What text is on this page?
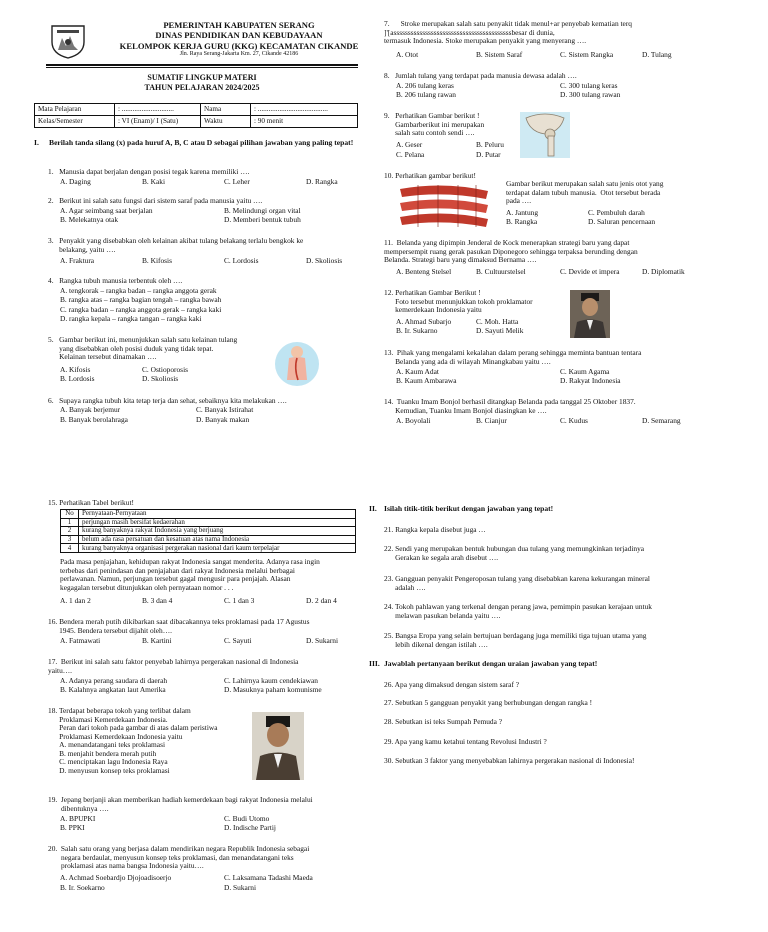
PEMERINTAH KABUPATEN SERANG
DINAS PENDIDIKAN DAN KEBUDAYAAN
KELOMPOK KERJA GURU (KKG) KECAMATAN CIKANDE
Jln. Raya Serang-Jakarta Km. 27, Cikande 42186
SUMATIF LINGKUP MATERI
TAHUN PELAJARAN 2024/2025
Mata Pelajaran	: .............................	Nama	: .......................................
Kelas/Semester	: VI (Enam)/ I (Satu)	Waktu	: 90 menit
I. Berilah tanda silang (x) pada huruf A, B, C atau D sebagai pilihan jawaban yang paling tepat!

1.   Manusia dapat berjalan dengan posisi tegak karena memiliki ….

A. Daging	B. Kaki	C. Leher	D. Rangka

2.   Berikut ini salah satu fungsi dari sistem saraf pada manusia yaitu ….

A. Agar seimbang saat berjalan
B. Melekatnya otak
B. Melindungi organ vital
D. Memberi bentuk tubuh

3.   Penyakit yang disebabkan oleh kelainan akibat tulang belakang terlalu bengkok ke
belakang, yaitu ….

A. Fraktura	B. Kifosis	C. Lordosis	D. Skoliosis

4.   Rangka tubuh manusia terbentuk oleh ….

A. tengkorak – rangka badan – rangka anggota gerak
B. rangka atas – rangka bagian tengah – rangka bawah
C. rangka badan – rangka anggota gerak – rangka kaki
D. rangka kepala – rangka tangan – rangka kaki

5.   Gambar berikut ini, menunjukkan salah satu kelainan tulang
yang disebabkan oleh posisi duduk yang tidak tepat.
Kelainan tersebut dinamakan ….

A. Kifosis
B. Lordosis
C. Ostioporosis
D. Skoliosis

6.   Supaya rangka tubuh kita tetap terja dan sehat, sebaiknya kita melakukan ….

A. Banyak berjemur
B. Banyak berolahraga
C. Banyak Istirahat
D. Banyak makan

7.      Stroke merupakan salah satu penyakit tidak menul+ar penyebab kematian terq
]'[asssssssssssssssssssssssssssssssssssssssssbesar di dunia,
termasuk Indonesia. Stoke merupakan penyakit yang menyerang ….

A. Otot	B. Sistem Saraf	C. Sistem Rangka	D. Tulang

8.   Jumlah tulang yang terdapat pada manusia dewasa adalah ….

A. 206 tulang keras
B. 206 tulang rawan
C. 300 tulang keras
D. 300 tulang rawan

9.   Perhatikan Gambar berikut !
Gambarberikut ini merupakan
salah satu contoh sendi ….

A. Geser
C. Pelana
B. Peluru
D. Putar

10. Perhatikan gambar berikut!

Gambar berikut merupakan salah satu jenis otot yang
terdapat dalam tubuh manusia.  Otot tersebut berada
pada ….

A. Jantung
B. Rangka
C. Pembuluh darah
D. Saluran pencernaan

11.  Belanda yang dipimpin Jenderal de Kock menerapkan strategi baru yang dapat
mempersempit ruang gerak pasukan Diponegoro sehingga terpaksa berunding dengan
Belanda. Strategi baru yang dimaksud Bernama ….

A. Benteng Stelsel	B. Cultuurstelsel	C. Devide et impera	D. Diplomatik

12. Perhatikan Gambar Berikut !
Foto tersebut menunjukkan tokoh proklamator
kemerdekaan Indonesia yaitu

A. Ahmad Subarjo
B. Ir. Sukarno
C. Moh. Hatta
D. Sayuti Melik

13.  Pihak yang mengalami kekalahan dalam perang sehingga meminta bantuan tentara
Belanda yang ada di wilayah Minangkabau yaitu ….

A. Kaum Adat
B. Kaum Ambarawa
C. Kaum Agama
D. Rakyat Indonesia

14.  Tuanku Imam Bonjol berhasil ditangkap Belanda pada tanggal 25 Oktober 1837.
Kemudian, Tuanku Imam Bonjol diasingkan ke ….

A. Boyolali	B. Cianjur	C. Kudus	D. Semarang

15. Perhatikan Tabel berikut!

No	Pernyataan-Pernyataan
1	perjungan masih bersifat kedaerahan
2	kurang banyaknya rakyat Indonesia yang berjuang
3	belum ada rasa persatuan dan kesatuan atas nama Indonesia
4	kurang banyaknya organisasi pergerakan nasional dari kaum terpelajar

Pada masa penjajahan, kehidupan rakyat Indonesia sangat menderita. Adanya rasa ingin
terbebas dari penindasan dan penjajahan dari rakyat Indonesia melalui berbagai
perlawanan. Namun, perjungan tersebut gagal mengusir para penjajah. Alasan
kegagalan tersebut ditunjukkan oleh pernyataan nomor . . .

A. 1 dan 2	B. 3 dan 4	C. 1 dan 3	D. 2 dan 4

16. Bendera merah putih dikibarkan saat dibacakannya teks proklamasi pada 17 Agustus
1945. Bendera tersebut dijahit oleh….

A. Fatmawati	B. Kartini	C. Sayuti	D. Sukarni

17.  Berikut ini salah satu faktor penyebab lahirnya pergerakan nasional di Indonesia
yaitu….

A. Adanya perang saudara di daerah
B. Kalahnya angkatan laut Amerika
C. Lahirnya kaum cendekiawan
D. Masuknya paham komunisme

18. Terdapat beberapa tokoh yang terlibat dalam
Proklamasi Kemerdekaan Indonesia.
Peran dari tokoh pada gambar di atas dalam peristiwa
Proklamasi Kemerdekaan Indonesia yaitu
A. menandatangani teks proklamasi
B. menjahit bendera merah putih
C. menciptakan lagu Indonesia Raya
D. menyusun konsep teks proklamasi

19.  Jepang berjanji akan memberikan hadiah kemerdekaan bagi rakyat Indonesia melalui
dibentuknya ….

A. BPUPKI
B. PPKI
C. Budi Utomo
D. Indische Partij

20.  Salah satu orang yang berjasa dalam mendirikan negara Republik Indonesia sebagai
negara berdaulat, menyusun konsep teks proklamasi, dan menandatangani teks
proklamasi atas nama bangsa Indonesia yaitu….

A. Achmad Soebardjo Djojoadisoerjo
B. Ir. Soekarno
C. Laksamana Tadashi Maeda
D. Sukarni
II. Isilah titik-titik berikut dengan jawaban yang tepat!

21. Rangka kepala disebut juga …

22. Sendi yang merupakan bentuk hubungan dua tulang yang memungkinkan terjadinya
Gerakan ke segala arah disebut ….

23. Gangguan penyakit Pengeroposan tulang yang disebabkan karena kekurangan mineral
adalah ….

24. Tokoh pahlawan yang terkenal dengan perang jawa, pemimpin pasukan kerajaan untuk
melawan pasukan belanda yaitu ….

25. Bangsa Eropa yang selain bertujuan berdagang juga memiliki tiga tujuan utama yang
lebih dikenal dengan istilah ….

III. Jawablah pertanyaan berikut dengan uraian jawaban yang tepat!

26. Apa yang dimaksud dengan sistem saraf ?

27. Sebutkan 5 gangguan penyakit yang berhubungan dengan rangka !

28. Sebutkan isi teks Sumpah Pemuda ?

29. Apa yang kamu ketahui tentang Revolusi Industri ?

30. Sebutkan 3 faktor yang menyebabkan lahirnya pergerakan nasional di Indonesia!
